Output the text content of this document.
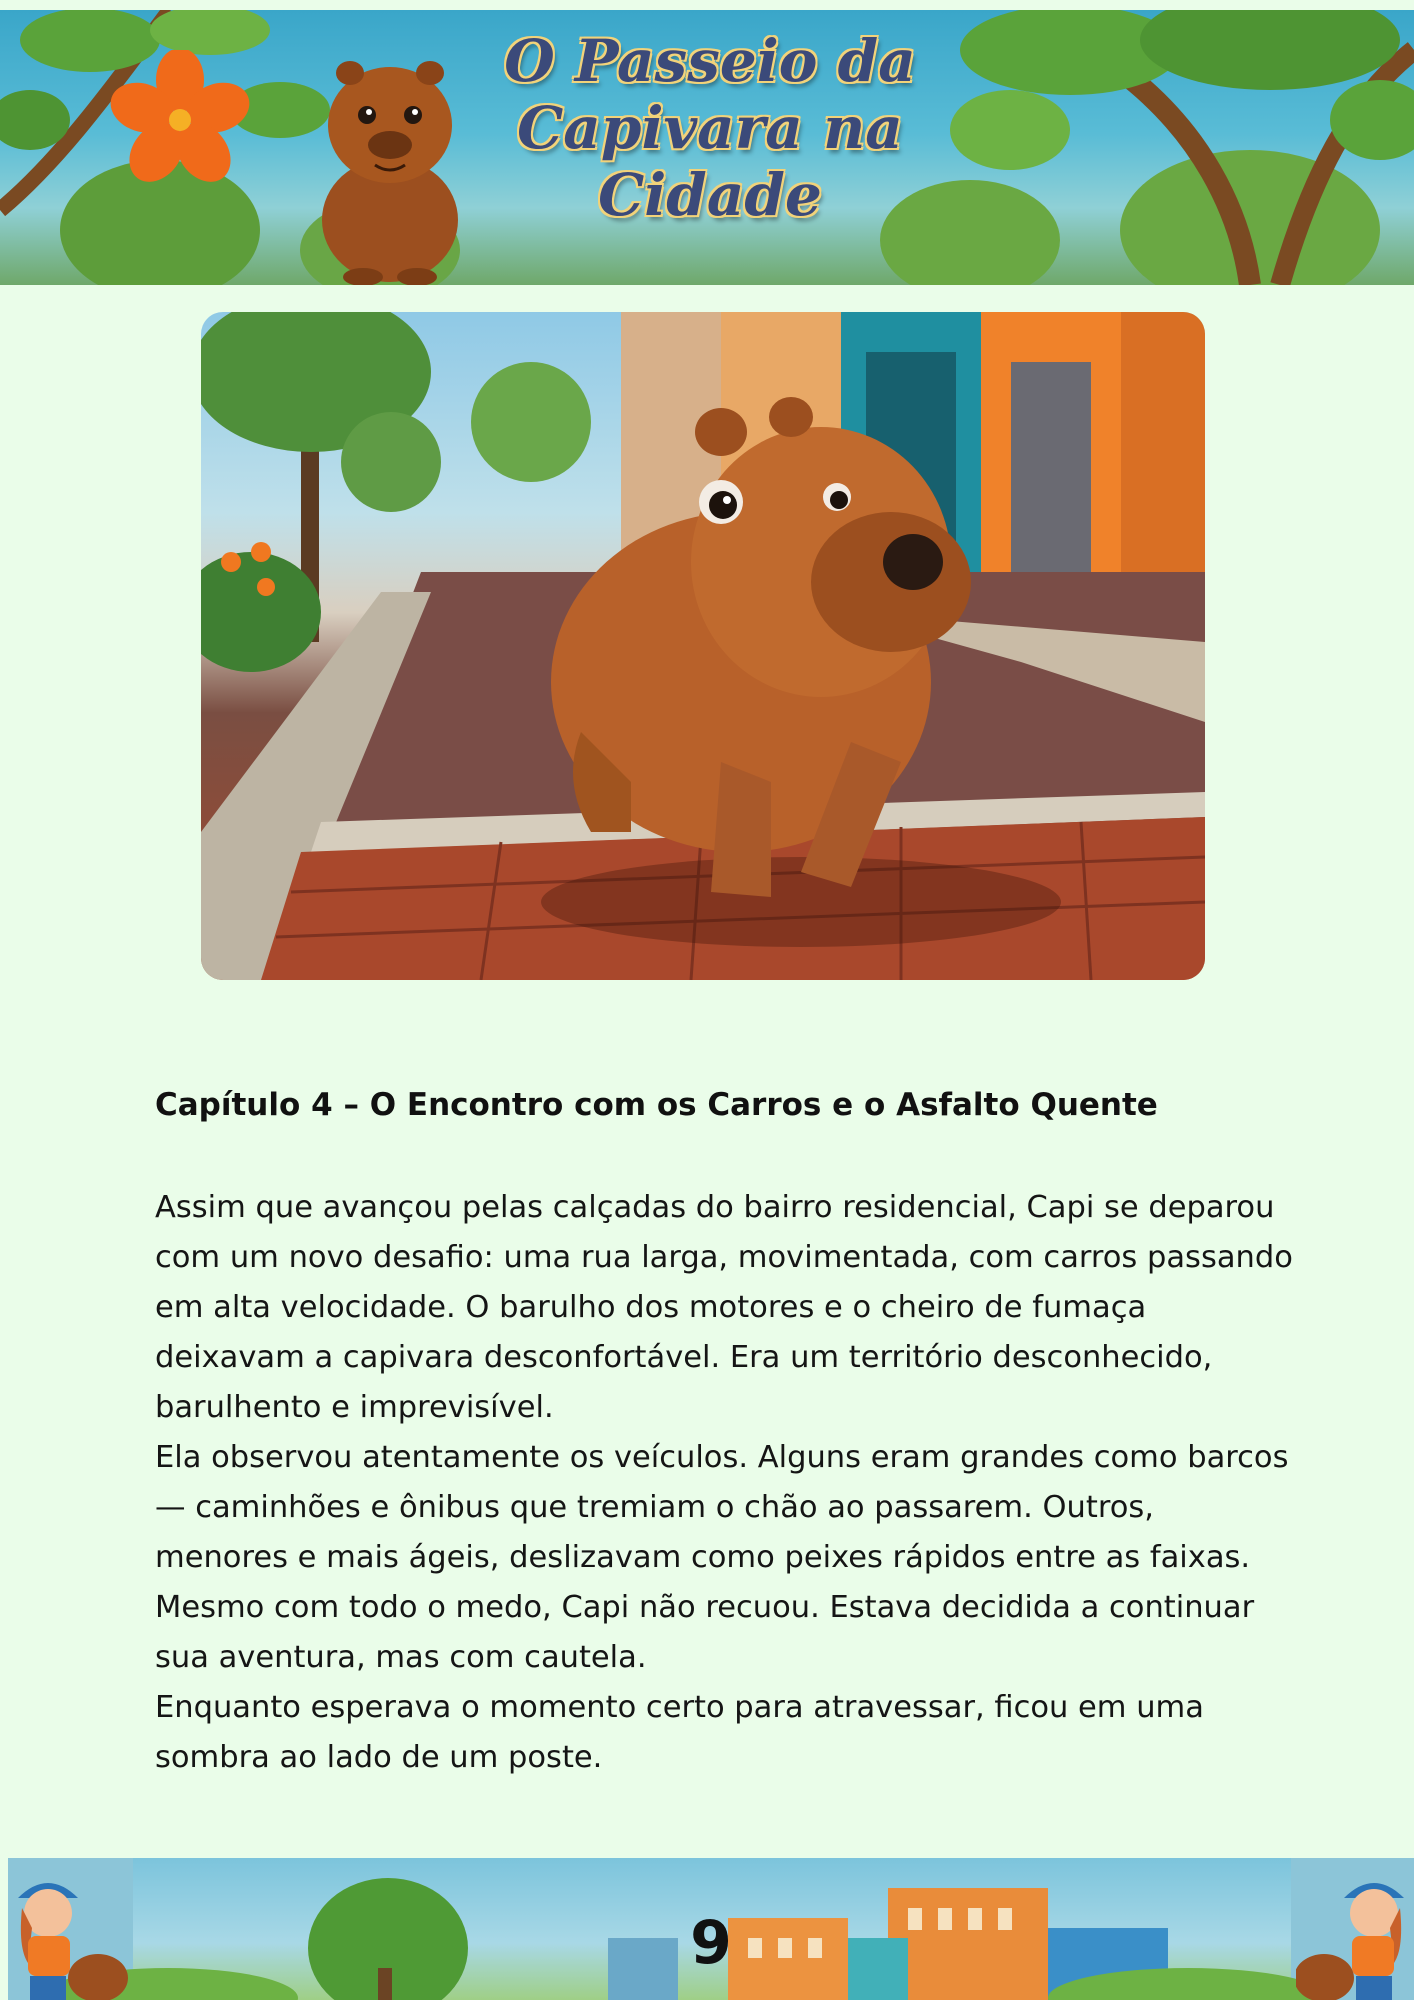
O Passeio da
Capivara na
Cidade
Capítulo 4 – O Encontro com os Carros e o Asfalto Quente

Assim que avançou pelas calçadas do bairro residencial, Capi se deparou com um novo desafio: uma rua larga, movimentada, com carros passando em alta velocidade. O barulho dos motores e o cheiro de fumaça deixavam a capivara desconfortável. Era um território desconhecido, barulhento e imprevisível.

Ela observou atentamente os veículos. Alguns eram grandes como barcos — caminhões e ônibus que tremiam o chão ao passarem. Outros, menores e mais ágeis, deslizavam como peixes rápidos entre as faixas. Mesmo com todo o medo, Capi não recuou. Estava decidida a continuar sua aventura, mas com cautela.

Enquanto esperava o momento certo para atravessar, ficou em uma sombra ao lado de um poste.

9
